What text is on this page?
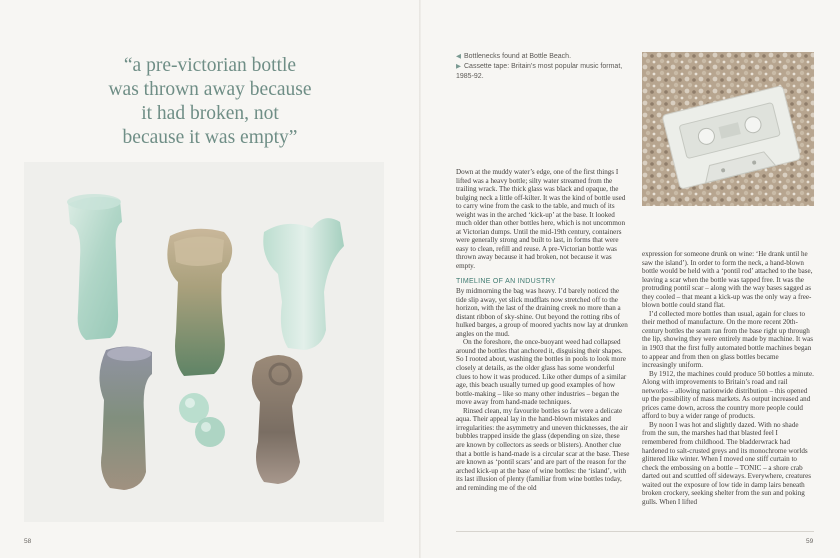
“a pre-victorian bottle
was thrown away because
it had broken, not
because it was empty”
58
◀ Bottlenecks found at Bottle Beach.
▶ Cassette tape: Britain’s most popular music format, 1985-92.

Down at the muddy water’s edge, one of the first things I lifted was a heavy bottle; silty water streamed from the trailing wrack. The thick glass was black and opaque, the bulging neck a little off-kilter. It was the kind of bottle used to carry wine from the cask to the table, and much of its weight was in the arched ‘kick-up’ at the base. It looked much older than other bottles here, which is not uncommon at Victorian dumps. Until the mid-19th century, containers were generally strong and built to last, in forms that were easy to clean, refill and reuse. A pre-Victorian bottle was thrown away because it had broken, not because it was empty.

TIMELINE OF AN INDUSTRY

By midmorning the bag was heavy. I’d barely noticed the tide slip away, yet slick mudflats now stretched off to the horizon, with the last of the draining creek no more than a distant ribbon of sky-shine. Out beyond the rotting ribs of hulked barges, a group of moored yachts now lay at drunken angles on the mud.

On the foreshore, the once-buoyant weed had collapsed around the bottles that anchored it, disguising their shapes. So I rooted about, washing the bottles in pools to look more closely at details, as the older glass has some wonderful clues to how it was produced. Like other dumps of a similar age, this beach usually turned up good examples of how bottle-making – like so many other industries – began the move away from hand-made techniques.

Rinsed clean, my favourite bottles so far were a delicate aqua. Their appeal lay in the hand-blown mistakes and irregularities: the asymmetry and uneven thicknesses, the air bubbles trapped inside the glass (depending on size, these are known by collectors as seeds or blisters). Another clue that a bottle is hand-made is a circular scar at the base. These are known as ‘pontil scars’ and are part of the reason for the arched kick-up at the base of wine bottles: the ‘island’, with its last illusion of plenty (familiar from wine bottles today, and reminding me of the old

expression for someone drunk on wine: ‘He drank until he saw the island’). In order to form the neck, a hand-blown bottle would be held with a ‘pontil rod’ attached to the base, leaving a scar when the bottle was tapped free. It was the protruding pontil scar – along with the way bases sagged as they cooled – that meant a kick-up was the only way a free-blown bottle could stand flat.

I’d collected more bottles than usual, again for clues to their method of manufacture. On the more recent 20th-century bottles the seam ran from the base right up through the lip, showing they were entirely made by machine. It was in 1903 that the first fully automated bottle machines began to appear and from then on glass bottles became increasingly uniform.

By 1912, the machines could produce 50 bottles a minute. Along with improvements to Britain’s road and rail networks – allowing nationwide distribution – this opened up the possibility of mass markets. As output increased and prices came down, across the country more people could afford to buy a wider range of products.

By noon I was hot and slightly dazed. With no shade from the sun, the marshes had that blasted feel I remembered from childhood. The bladderwrack had hardened to salt-crusted greys and its monochrome worlds glittered like winter. When I moved one stiff curtain to check the embossing on a bottle – TONIC – a shore crab darted out and scuttled off sideways. Everywhere, creatures waited out the exposure of low tide in damp lairs beneath broken crockery, seeking shelter from the sun and poking gulls. When I lifted

59
